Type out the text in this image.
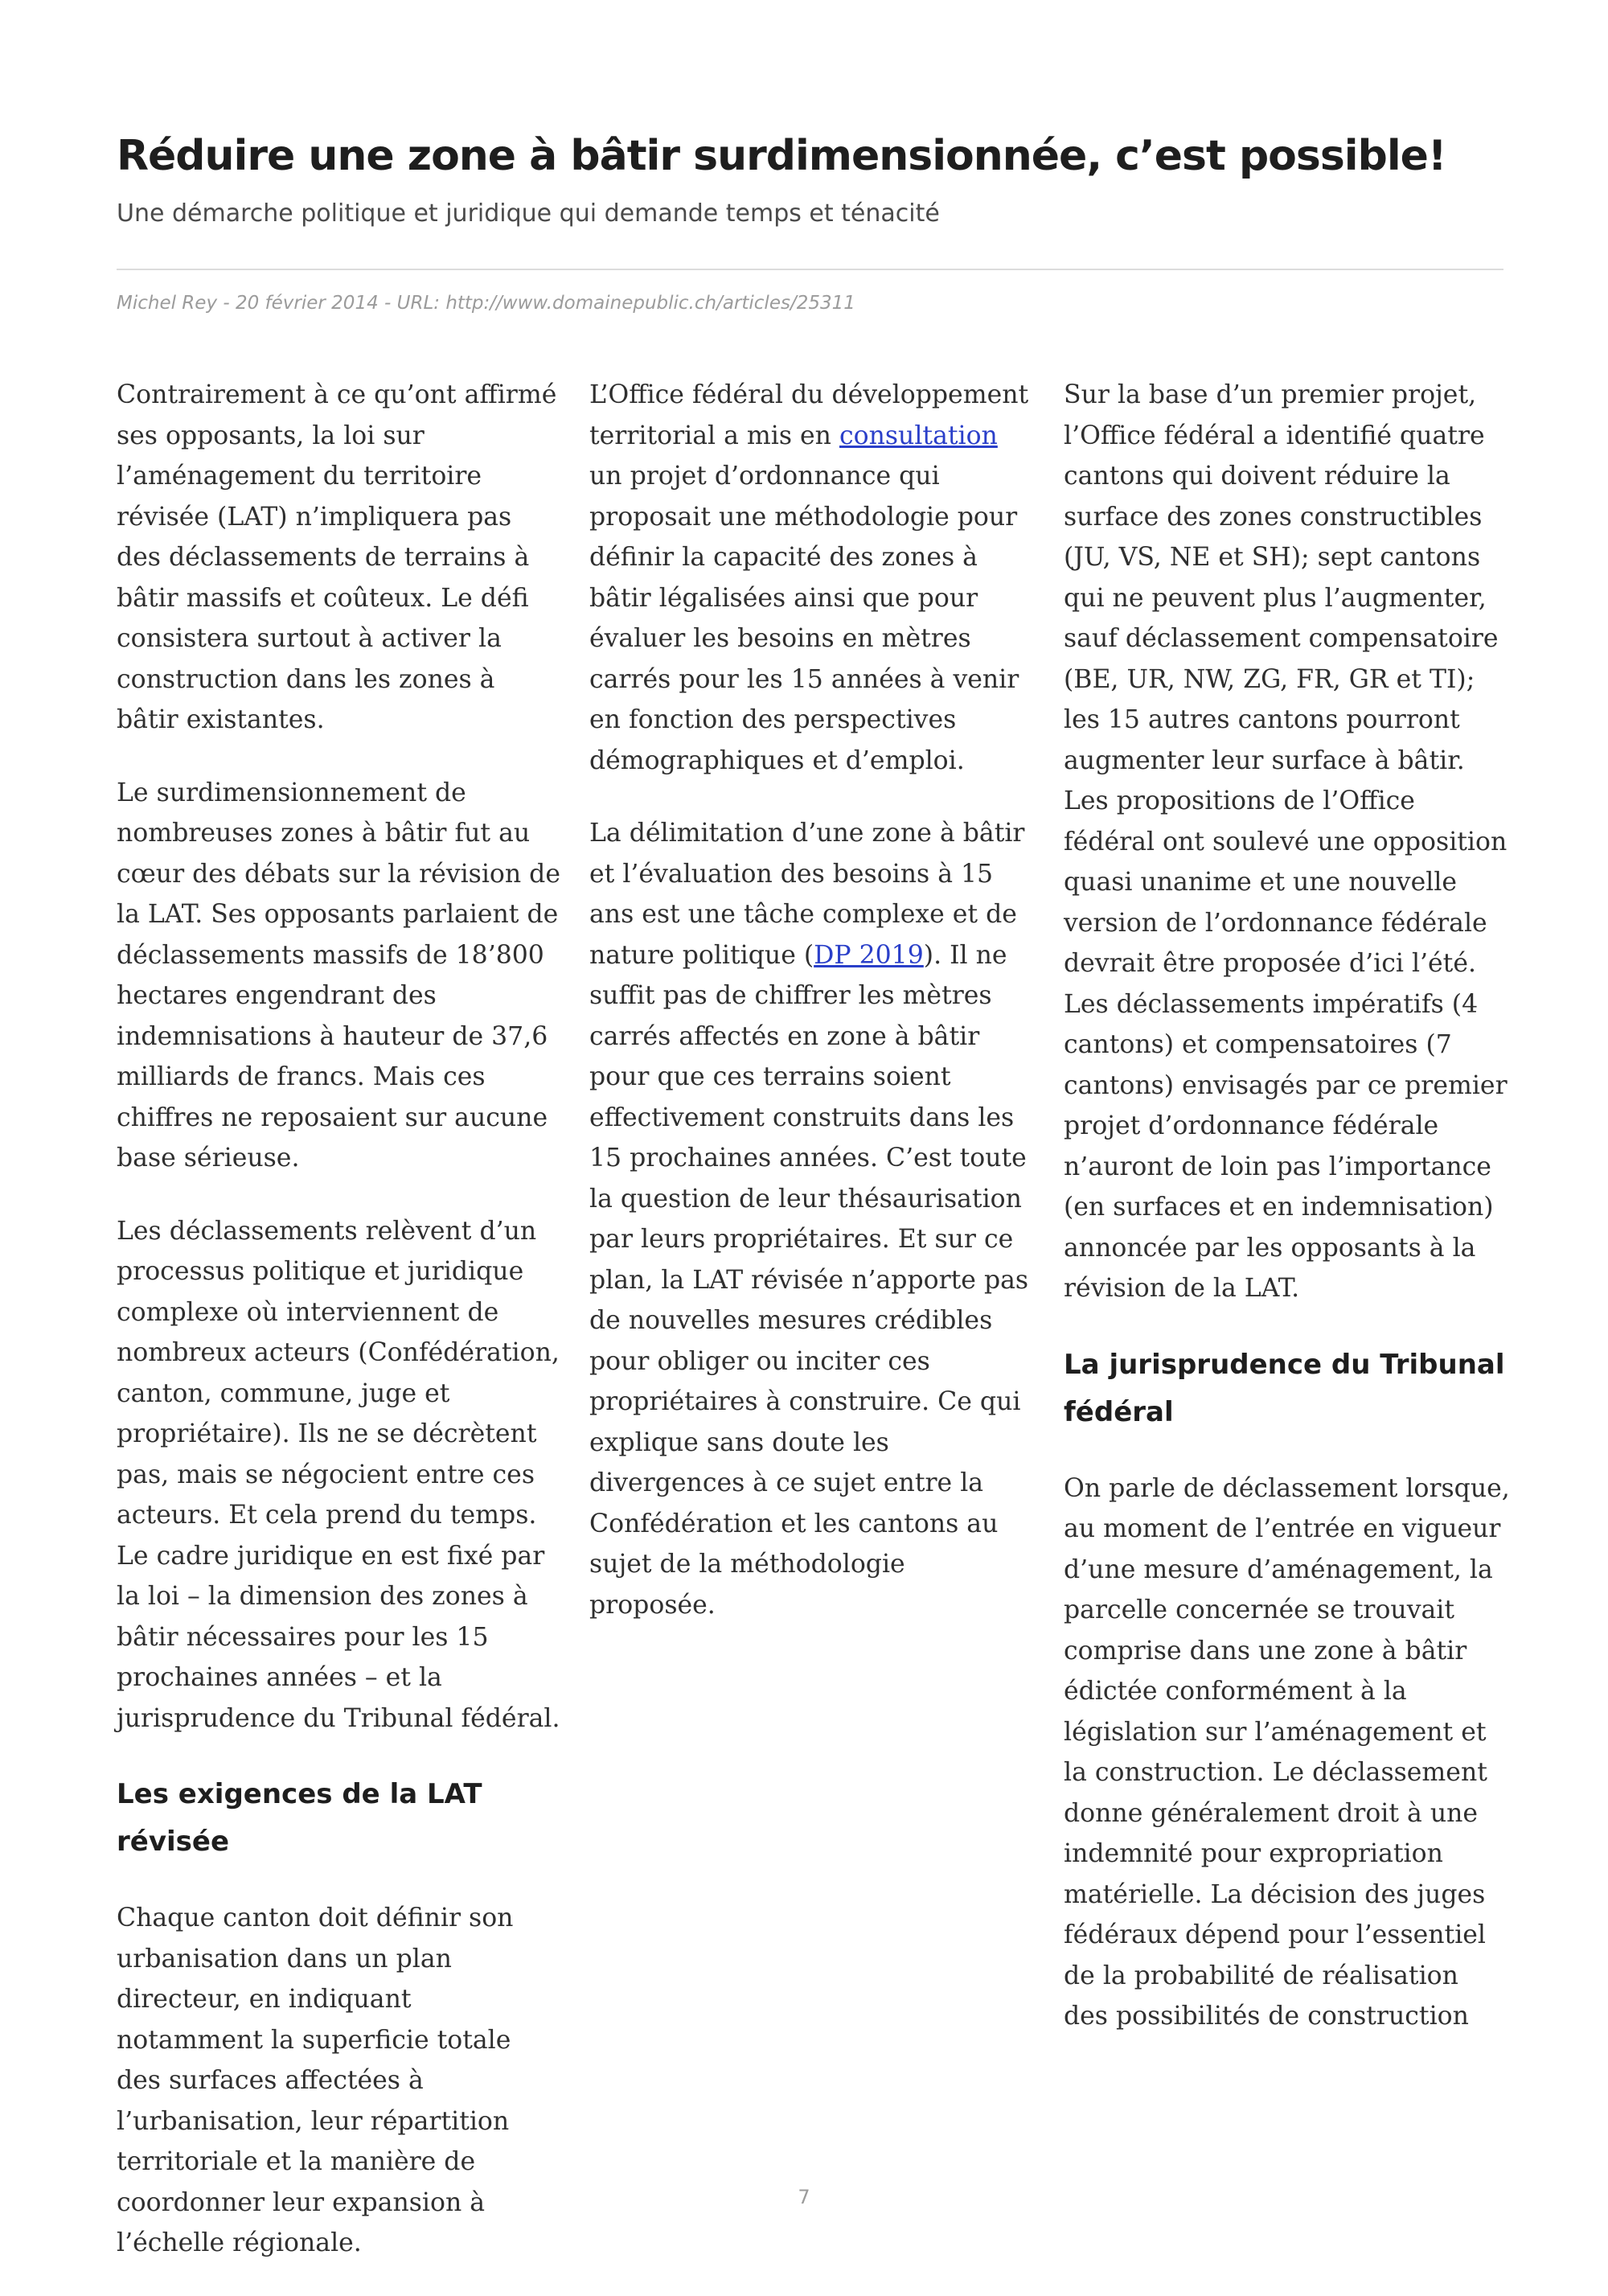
Réduire une zone à bâtir surdimensionnée, c’est possible!
Une démarche politique et juridique qui demande temps et ténacité
Michel Rey - 20 février 2014 - URL: http://www.domainepublic.ch/articles/25311

Contrairement à ce qu’ont affirmé ses opposants, la loi sur l’aménagement du territoire révisée (LAT) n’impliquera pas des déclassements de terrains à bâtir massifs et coûteux. Le défi consistera surtout à activer la construction dans les zones à bâtir existantes.

Le surdimensionnement de nombreuses zones à bâtir fut au cœur des débats sur la révision de la LAT. Ses opposants parlaient de déclassements massifs de 18’800 hectares engendrant des indemnisations à hauteur de 37,6 milliards de francs. Mais ces chiffres ne reposaient sur aucune base sérieuse.

Les déclassements relèvent d’un processus politique et juridique complexe où interviennent de nombreux acteurs (Confédération, canton, commune, juge et propriétaire). Ils ne se décrètent pas, mais se négocient entre ces acteurs. Et cela prend du temps. Le cadre juridique en est fixé par la loi – la dimension des zones à bâtir nécessaires pour les 15 prochaines années – et la jurisprudence du Tribunal fédéral.

Les exigences de la LAT révisée

Chaque canton doit définir son urbanisation dans un plan directeur, en indiquant notamment la superficie totale des surfaces affectées à l’urbanisation, leur répartition territoriale et la manière de coordonner leur expansion à l’échelle régionale.

L’Office fédéral du développement territorial a mis en consultation un projet d’ordonnance qui proposait une méthodologie pour définir la capacité des zones à bâtir légalisées ainsi que pour évaluer les besoins en mètres carrés pour les 15 années à venir en fonction des perspectives démographiques et d’emploi.

La délimitation d’une zone à bâtir et l’évaluation des besoins à 15 ans est une tâche complexe et de nature politique (DP 2019). Il ne suffit pas de chiffrer les mètres carrés affectés en zone à bâtir pour que ces terrains soient effectivement construits dans les 15 prochaines années. C’est toute la question de leur thésaurisation par leurs propriétaires. Et sur ce plan, la LAT révisée n’apporte pas de nouvelles mesures crédibles pour obliger ou inciter ces propriétaires à construire. Ce qui explique sans doute les divergences à ce sujet entre la Confédération et les cantons au sujet de la méthodologie proposée.

Sur la base d’un premier projet, l’Office fédéral a identifié quatre cantons qui doivent réduire la surface des zones constructibles (JU, VS, NE et SH); sept cantons qui ne peuvent plus l’augmenter, sauf déclassement compensatoire (BE, UR, NW, ZG, FR, GR et TI); les 15 autres cantons pourront augmenter leur surface à bâtir. Les propositions de l’Office fédéral ont soulevé une opposition quasi unanime et une nouvelle version de l’ordonnance fédérale devrait être proposée d’ici l’été. Les déclassements impératifs (4 cantons) et compensatoires (7 cantons) envisagés par ce premier projet d’ordonnance fédérale n’auront de loin pas l’importance (en surfaces et en indemnisation) annoncée par les opposants à la révision de la LAT.

La jurisprudence du Tribunal fédéral

On parle de déclassement lorsque, au moment de l’entrée en vigueur d’une mesure d’aménagement, la parcelle concernée se trouvait comprise dans une zone à bâtir édictée conformément à la législation sur l’aménagement et la construction. Le déclassement donne généralement droit à une indemnité pour expropriation matérielle. La décision des juges fédéraux dépend pour l’essentiel de la probabilité de réalisation des possibilités de construction

7
